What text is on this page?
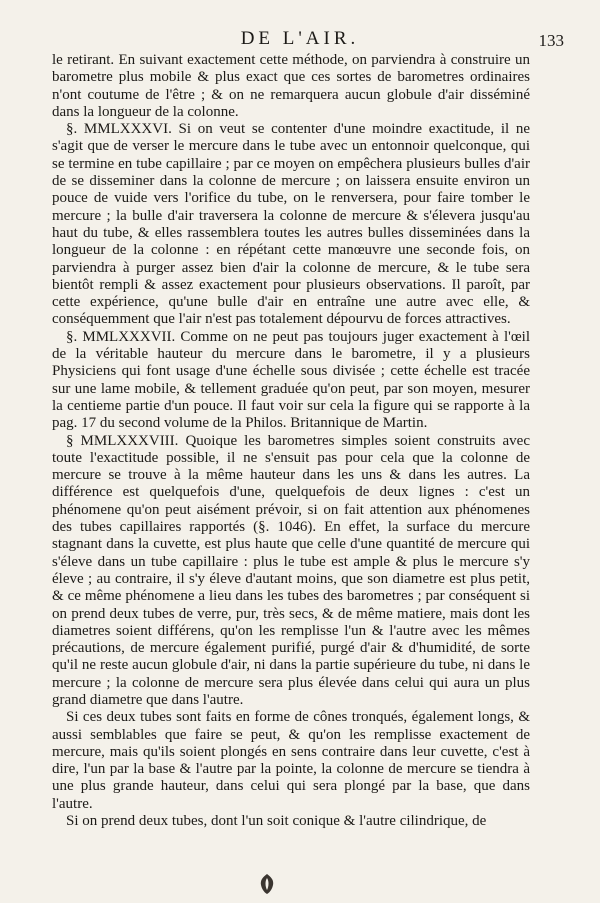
DE L'AIR.	133

le retirant. En suivant exactement cette méthode, on parviendra à construire un barometre plus mobile & plus exact que ces sortes de barometres ordinaires n'ont coutume de l'être ; & on ne remarquera aucun globule d'air disséminé dans la longueur de la colonne.

§. MMLXXXVI. Si on veut se contenter d'une moindre exactitude, il ne s'agit que de verser le mercure dans le tube avec un entonnoir quelconque, qui se termine en tube capillaire ; par ce moyen on empêchera plusieurs bulles d'air de se disseminer dans la colonne de mercure ; on laissera ensuite environ un pouce de vuide vers l'orifice du tube, on le renversera, pour faire tomber le mercure ; la bulle d'air traversera la colonne de mercure & s'élevera jusqu'au haut du tube, & elles rassemblera toutes les autres bulles disseminées dans la longueur de la colonne : en répétant cette manœuvre une seconde fois, on parviendra à purger assez bien d'air la colonne de mercure, & le tube sera bientôt rempli & assez exactement pour plusieurs observations. Il paroît, par cette expérience, qu'une bulle d'air en entraîne une autre avec elle, & conséquemment que l'air n'est pas totalement dépourvu de forces attractives.

§. MMLXXXVII. Comme on ne peut pas toujours juger exactement à l'œil de la véritable hauteur du mercure dans le barometre, il y a plusieurs Physiciens qui font usage d'une échelle sous divisée ; cette échelle est tracée sur une lame mobile, & tellement graduée qu'on peut, par son moyen, mesurer la centieme partie d'un pouce. Il faut voir sur cela la figure qui se rapporte à la pag. 17 du second volume de la Philos. Britannique de Martin.

§ MMLXXXVIII. Quoique les barometres simples soient construits avec toute l'exactitude possible, il ne s'ensuit pas pour cela que la colonne de mercure se trouve à la même hauteur dans les uns & dans les autres. La différence est quelquefois d'une, quelquefois de deux lignes : c'est un phénomene qu'on peut aisément prévoir, si on fait attention aux phénomenes des tubes capillaires rapportés (§. 1046). En effet, la surface du mercure stagnant dans la cuvette, est plus haute que celle d'une quantité de mercure qui s'éleve dans un tube capillaire : plus le tube est ample & plus le mercure s'y éleve ; au contraire, il s'y éleve d'autant moins, que son diametre est plus petit, & ce même phénomene a lieu dans les tubes des barometres ; par conséquent si on prend deux tubes de verre, pur, très secs, & de même matiere, mais dont les diametres soient différens, qu'on les remplisse l'un & l'autre avec les mêmes précautions, de mercure également purifié, purgé d'air & d'humidité, de sorte qu'il ne reste aucun globule d'air, ni dans la partie supérieure du tube, ni dans le mercure ; la colonne de mercure sera plus élevée dans celui qui aura un plus grand diametre que dans l'autre.

Si ces deux tubes sont faits en forme de cônes tronqués, également longs, & aussi semblables que faire se peut, & qu'on les remplisse exactement de mercure, mais qu'ils soient plongés en sens contraire dans leur cuvette, c'est à dire, l'un par la base & l'autre par la pointe, la colonne de mercure se tiendra à une plus grande hauteur, dans celui qui sera plongé par la base, que dans l'autre.

Si on prend deux tubes, dont l'un soit conique & l'autre cilindrique, de
